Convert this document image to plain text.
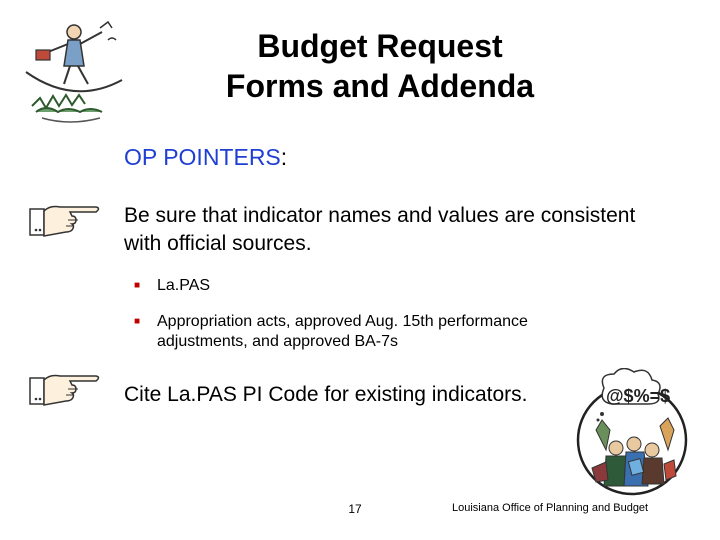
Budget Request
Forms and Addenda
OP POINTERS:
Be sure that indicator names and values are consistent with official sources.
■ La.PAS
■ Appropriation acts, approved Aug. 15th performance adjustments, and approved BA-7s
Cite La.PAS PI Code for existing indicators.	@$%=$
17	Louisiana Office of Planning and Budget
